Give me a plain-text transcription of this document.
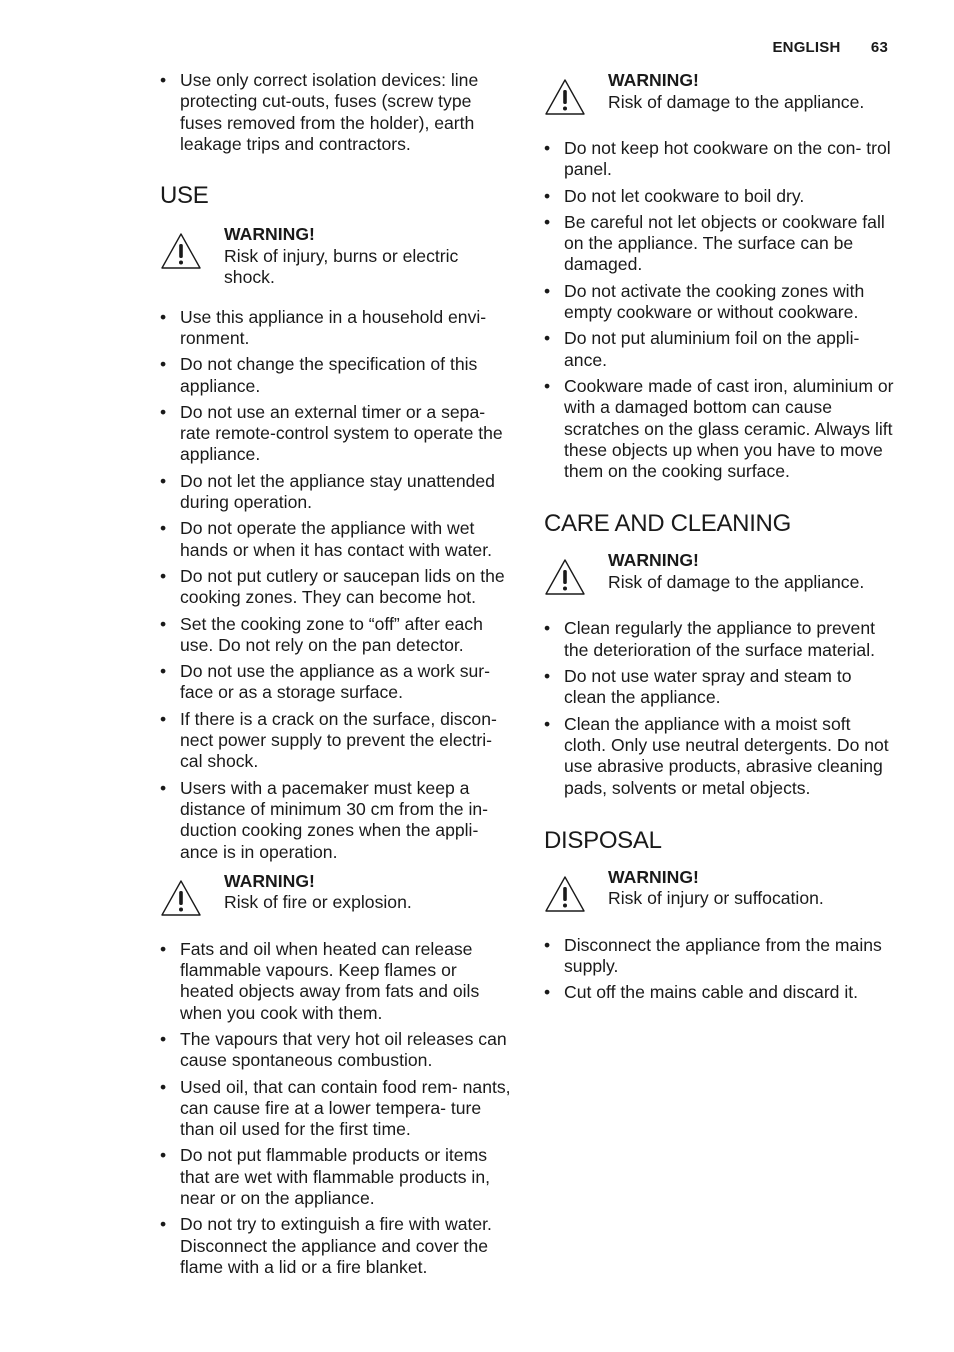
ENGLISH 63
• Use only correct isolation devices: line protecting cut-outs, fuses (screw type fuses removed from the holder), earth leakage trips and contractors.
USE
WARNING!
Risk of injury, burns or electric shock.
• Use this appliance in a household envi- ronment.
• Do not change the specification of this appliance.
• Do not use an external timer or a sepa- rate remote-control system to operate the appliance.
• Do not let the appliance stay unattended during operation.
• Do not operate the appliance with wet hands or when it has contact with water.
• Do not put cutlery or saucepan lids on the cooking zones. They can become hot.
• Set the cooking zone to “off” after each use. Do not rely on the pan detector.
• Do not use the appliance as a work sur- face or as a storage surface.
• If there is a crack on the surface, discon- nect power supply to prevent the electri- cal shock.
• Users with a pacemaker must keep a distance of minimum 30 cm from the in- duction cooking zones when the appli- ance is in operation.
WARNING!
Risk of fire or explosion.
• Fats and oil when heated can release flammable vapours. Keep flames or heated objects away from fats and oils when you cook with them.
• The vapours that very hot oil releases can cause spontaneous combustion.
• Used oil, that can contain food rem- nants, can cause fire at a lower tempera- ture than oil used for the first time.
• Do not put flammable products or items that are wet with flammable products in, near or on the appliance.
• Do not try to extinguish a fire with water. Disconnect the appliance and cover the flame with a lid or a fire blanket.
WARNING!
Risk of damage to the appliance.
• Do not keep hot cookware on the con- trol panel.
• Do not let cookware to boil dry.
• Be careful not let objects or cookware fall on the appliance. The surface can be damaged.
• Do not activate the cooking zones with empty cookware or without cookware.
• Do not put aluminium foil on the appli- ance.
• Cookware made of cast iron, aluminium or with a damaged bottom can cause scratches on the glass ceramic. Always lift these objects up when you have to move them on the cooking surface.
CARE AND CLEANING
WARNING!
Risk of damage to the appliance.
• Clean regularly the appliance to prevent the deterioration of the surface material.
• Do not use water spray and steam to clean the appliance.
• Clean the appliance with a moist soft cloth. Only use neutral detergents. Do not use abrasive products, abrasive cleaning pads, solvents or metal objects.
DISPOSAL
WARNING!
Risk of injury or suffocation.
• Disconnect the appliance from the mains supply.
• Cut off the mains cable and discard it.
